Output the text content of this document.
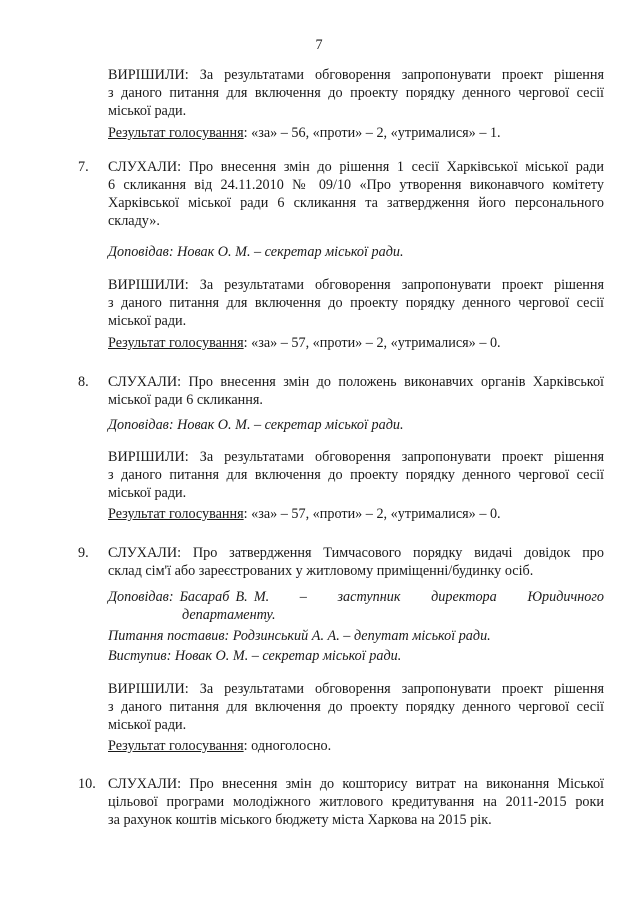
7
ВИРІШИЛИ: За результатами обговорення запропонувати проект рішення
з даного питання для включення до проекту порядку денного чергової сесії
міської ради.
Результат голосування: «за» – 56, «проти» – 2, «утрималися» – 1.
7. СЛУХАЛИ: Про внесення змін до рішення 1 сесії Харківської міської ради
6 скликання від 24.11.2010 № 09/10 «Про утворення виконавчого комітету
Харківської міської ради 6 скликання та затвердження його персонального
складу».
Доповідав: Новак О. М. – секретар міської ради.
ВИРІШИЛИ: За результатами обговорення запропонувати проект рішення
з даного питання для включення до проекту порядку денного чергової сесії
міської ради.
Результат голосування: «за» – 57, «проти» – 2, «утрималися» – 0.
8. СЛУХАЛИ: Про внесення змін до положень виконавчих органів Харківської
міської ради 6 скликання.
Доповідав: Новак О. М. – секретар міської ради.
ВИРІШИЛИ: За результатами обговорення запропонувати проект рішення
з даного питання для включення до проекту порядку денного чергової сесії
міської ради.
Результат голосування: «за» – 57, «проти» – 2, «утрималися» – 0.
9. СЛУХАЛИ: Про затвердження Тимчасового порядку видачі довідок про
склад сім'ї або зареєстрованих у житловому приміщенні/будинку осіб.
Доповідав: Басараб В. М.     –     заступник     директора     Юридичного
департаменту.
Питання поставив: Родзинський А. А. – депутат міської ради.
Виступив: Новак О. М. – секретар міської ради.
ВИРІШИЛИ: За результатами обговорення запропонувати проект рішення
з даного питання для включення до проекту порядку денного чергової сесії
міської ради.
Результат голосування: одноголосно.
10. СЛУХАЛИ: Про внесення змін до кошторису витрат на виконання Міської
цільової програми молодіжного житлового кредитування на 2011-2015 роки
за рахунок коштів міського бюджету міста Харкова на 2015 рік.
